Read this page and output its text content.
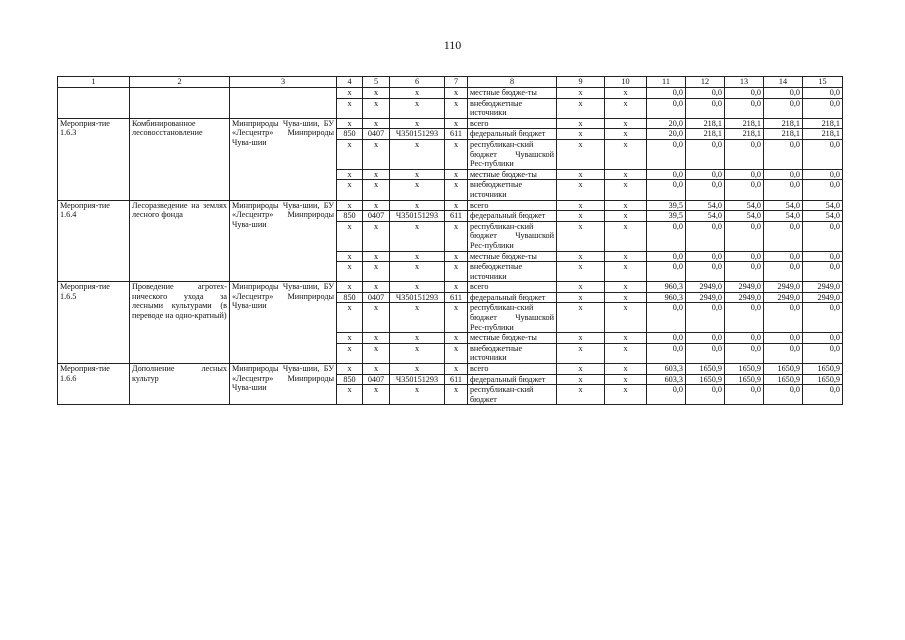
110
1	2	3	4	5	6	7	8	9	10	11	12	13	14	15
			x	x	x	x	местные бюдже-ты	x	x	0,0	0,0	0,0	0,0	0,0
			x	x	x	x	внебюджетные источники	x	x	0,0	0,0	0,0	0,0	0,0
Мероприя-тие 1.6.3	Комбинированное лесовосстановление	Минприроды Чува-шии, БУ «Лесцентр» Минприроды Чува-шии	x	x	x	x	всего	x	x	20,0	218,1	218,1	218,1	218,1
			850	0407	Ч350151293	611	федеральный бюджет	x	x	20,0	218,1	218,1	218,1	218,1
			x	x	x	x	республикан-ский бюджет Чувашской Рес-публики	x	x	0,0	0,0	0,0	0,0	0,0
			x	x	x	x	местные бюдже-ты	x	x	0,0	0,0	0,0	0,0	0,0
			x	x	x	x	внебюджетные источники	x	x	0,0	0,0	0,0	0,0	0,0
Мероприя-тие 1.6.4	Лесоразведение на землях лесного фонда	Минприроды Чува-шии, БУ «Лесцентр» Минприроды Чува-шии	x	x	x	x	всего	x	x	39,5	54,0	54,0	54,0	54,0
			850	0407	Ч350151293	611	федеральный бюджет	x	x	39,5	54,0	54,0	54,0	54,0
			x	x	x	x	республикан-ский бюджет Чувашской Рес-публики	x	x	0,0	0,0	0,0	0,0	0,0
			x	x	x	x	местные бюдже-ты	x	x	0,0	0,0	0,0	0,0	0,0
			x	x	x	x	внебюджетные источники	x	x	0,0	0,0	0,0	0,0	0,0
Мероприя-тие 1.6.5	Проведение агротех-нического ухода за лесными культурами (в переводе на одно-кратный)	Минприроды Чува-шии, БУ «Лесцентр» Минприроды Чува-шии	x	x	x	x	всего	x	x	960,3	2949,0	2949,0	2949,0	2949,0
			850	0407	Ч350151293	611	федеральный бюджет	x	x	960,3	2949,0	2949,0	2949,0	2949,0
			x	x	x	x	республикан-ский бюджет Чувашской Рес-публики	x	x	0,0	0,0	0,0	0,0	0,0
			x	x	x	x	местные бюдже-ты	x	x	0,0	0,0	0,0	0,0	0,0
			x	x	x	x	внебюджетные источники	x	x	0,0	0,0	0,0	0,0	0,0
Мероприя-тие 1.6.6	Дополнение лесных культур	Минприроды Чува-шии, БУ «Лесцентр» Минприроды Чува-шии	x	x	x	x	всего	x	x	603,3	1650,9	1650,9	1650,9	1650,9
			850	0407	Ч350151293	611	федеральный бюджет	x	x	603,3	1650,9	1650,9	1650,9	1650,9
			x	x	x	x	республикан-ский бюджет	x	x	0,0	0,0	0,0	0,0	0,0
